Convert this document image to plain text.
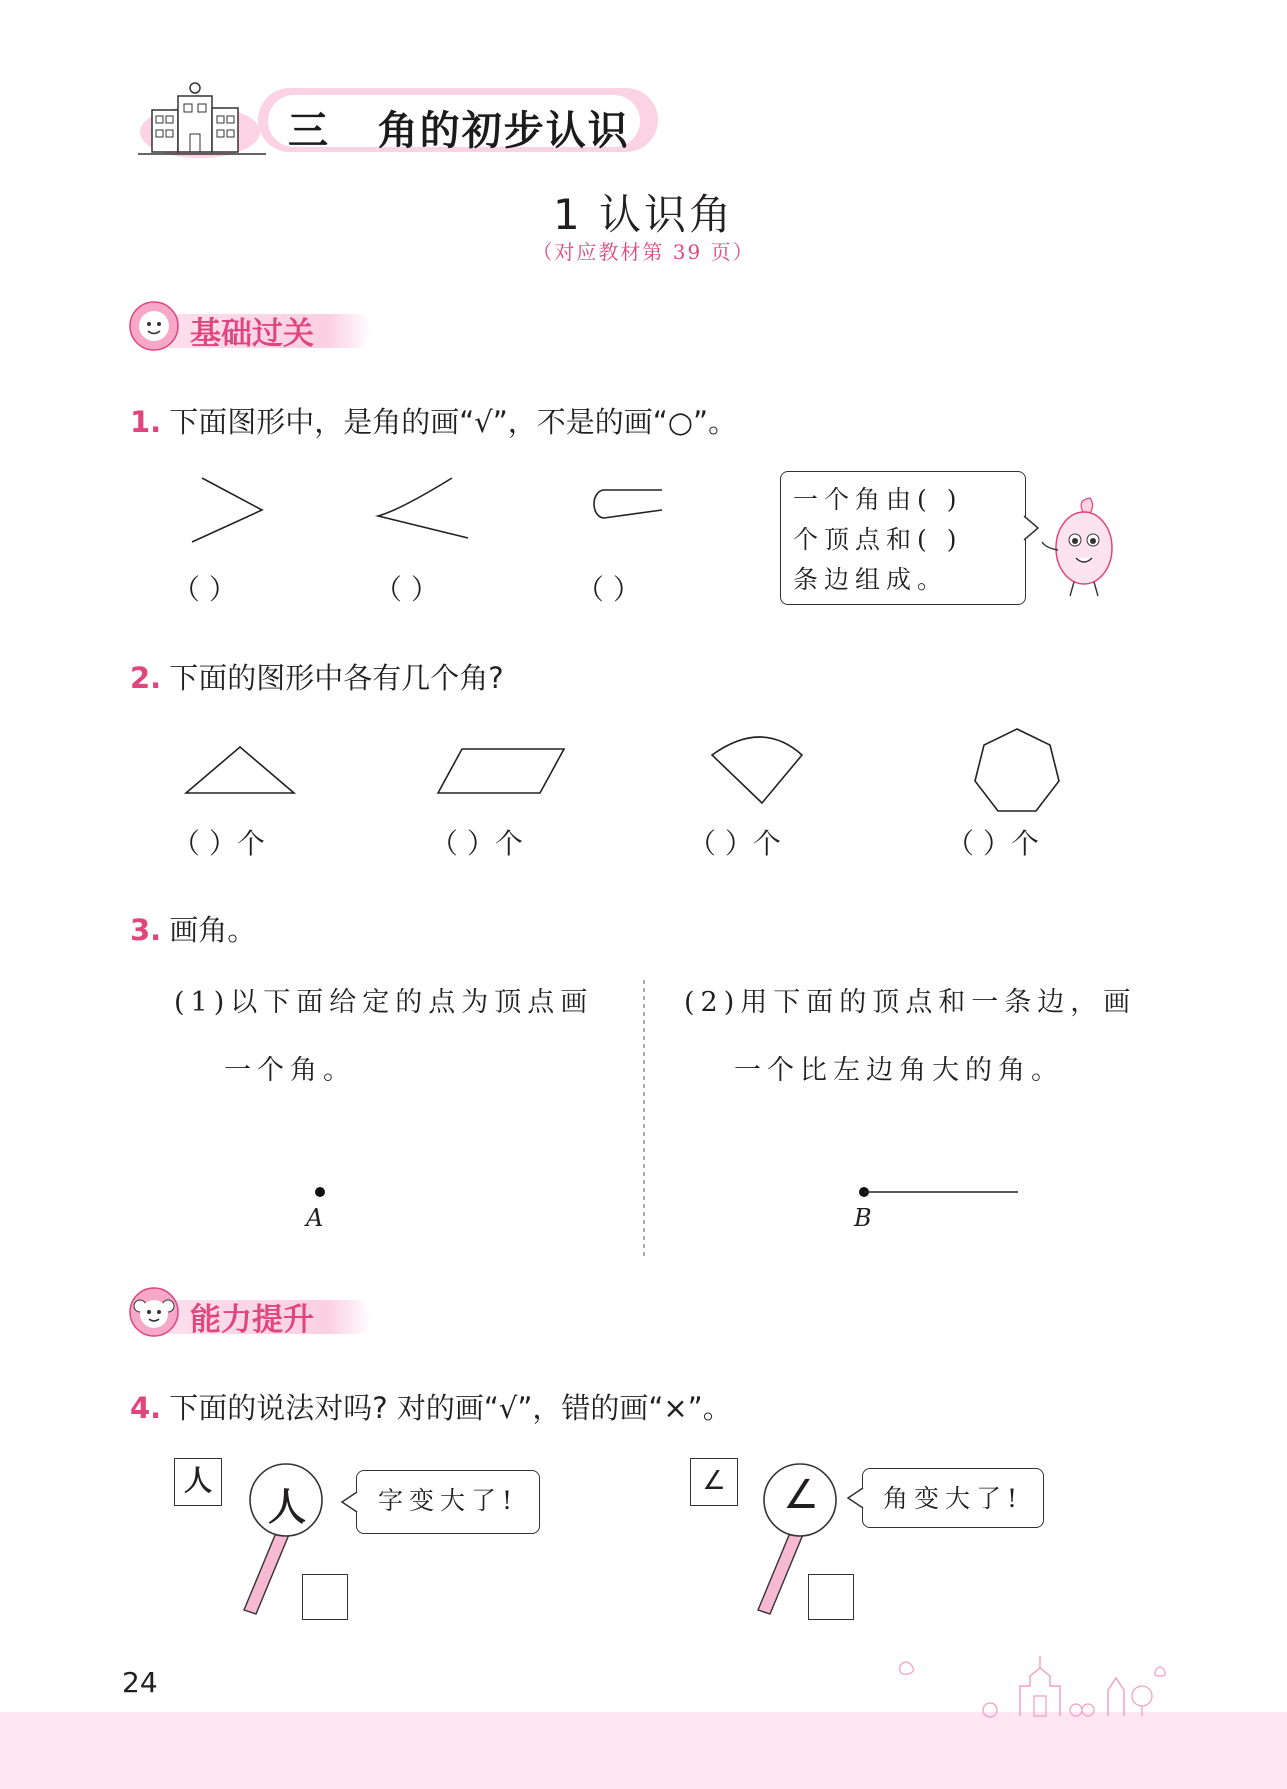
三 角的初步认识
1 认识角
（对应教材第 39 页）
基础过关
1. 下面图形中，是角的画“√”，不是的画“○”。
（ ）	（ ）	（ ）
一个角由( )
个顶点和( )
条边组成。
2. 下面的图形中各有几个角?
（ ）个	（ ）个	（ ）个	（ ）个
3. 画角。
(1)以下面给定的点为顶点画
一个角。
(2)用下面的顶点和一条边，画
一个比左边角大的角。
A	B
能力提升
4. 下面的说法对吗? 对的画“√”，错的画“×”。
人
人	字变大了!
∠	∠	角变大了!
24
